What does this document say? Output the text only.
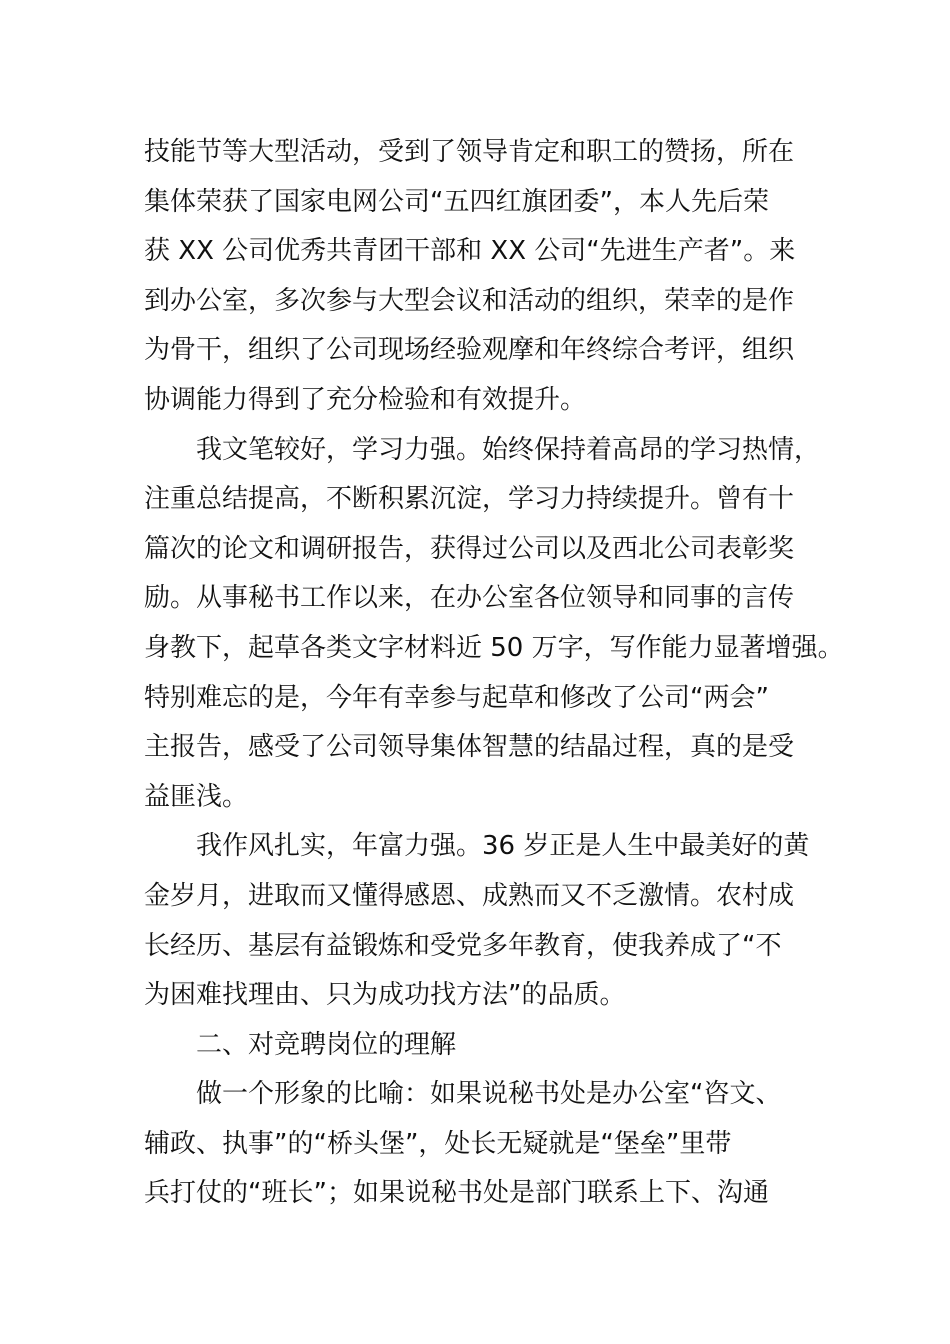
技能节等大型活动，受到了领导肯定和职工的赞扬，所在
集体荣获了国家电网公司“五四红旗团委”，本人先后荣
获 XX 公司优秀共青团干部和 XX 公司“先进生产者”。来
到办公室，多次参与大型会议和活动的组织，荣幸的是作
为骨干，组织了公司现场经验观摩和年终综合考评，组织
协调能力得到了充分检验和有效提升。
我文笔较好，学习力强。始终保持着高昂的学习热情，
注重总结提高，不断积累沉淀，学习力持续提升。曾有十
篇次的论文和调研报告，获得过公司以及西北公司表彰奖
励。从事秘书工作以来，在办公室各位领导和同事的言传
身教下，起草各类文字材料近 50 万字，写作能力显著增强。
特别难忘的是，今年有幸参与起草和修改了公司“两会”
主报告，感受了公司领导集体智慧的结晶过程，真的是受
益匪浅。
我作风扎实，年富力强。36 岁正是人生中最美好的黄
金岁月，进取而又懂得感恩、成熟而又不乏激情。农村成
长经历、基层有益锻炼和受党多年教育，使我养成了“不
为困难找理由、只为成功找方法”的品质。
二、对竞聘岗位的理解
做一个形象的比喻：如果说秘书处是办公室“咨文、
辅政、执事”的“桥头堡”，处长无疑就是“堡垒”里带
兵打仗的“班长”；如果说秘书处是部门联系上下、沟通
